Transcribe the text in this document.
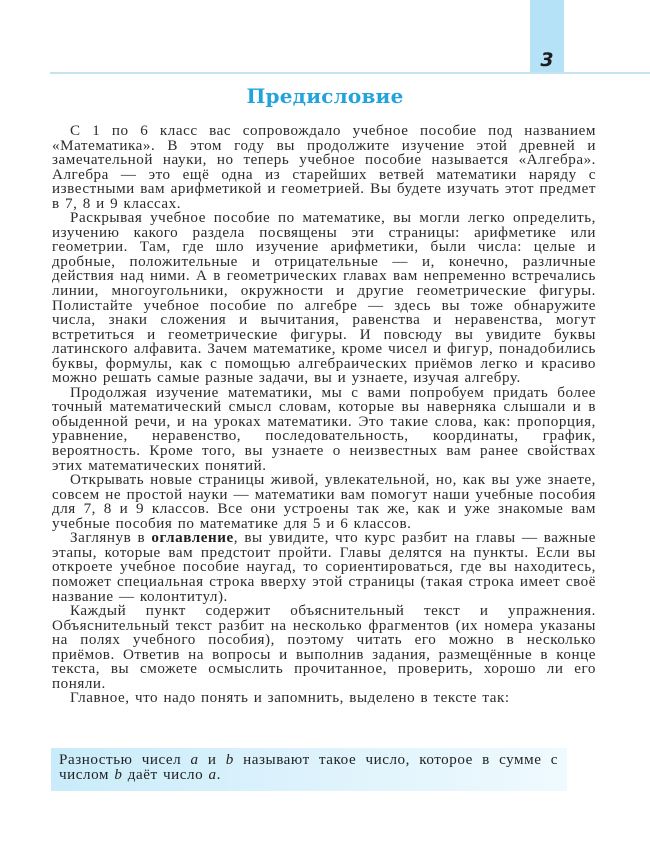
3
Предисловие

С 1 по 6 класс вас сопровождало учебное пособие под названием «Математика». В этом году вы продолжите изучение этой древней и замечательной науки, но теперь учебное пособие называется «Алгебра». Алгебра — это ещё одна из старейших ветвей математики наряду с известными вам арифметикой и геометрией. Вы будете изучать этот предмет в 7, 8 и 9 классах.

Раскрывая учебное пособие по математике, вы могли легко определить, изучению какого раздела посвящены эти страницы: арифметике или геометрии. Там, где шло изучение арифметики, были числа: целые и дробные, положительные и отрицательные — и, конечно, различные действия над ними. А в геометрических главах вам непременно встречались линии, многоугольники, окружности и другие геометрические фигуры. Полистайте учебное пособие по алгебре — здесь вы тоже обнаружите числа, знаки сложения и вычитания, равенства и неравенства, могут встретиться и геометрические фигуры. И повсюду вы увидите буквы латинского алфавита. Зачем математике, кроме чисел и фигур, понадобились буквы, формулы, как с помощью алгебраических приёмов легко и красиво можно решать самые разные задачи, вы и узнаете, изучая алгебру.

Продолжая изучение математики, мы с вами попробуем придать более точный математический смысл словам, которые вы наверняка слышали и в обыденной речи, и на уроках математики. Это такие слова, как: пропорция, уравнение, неравенство, последовательность, координаты, график, вероятность. Кроме того, вы узнаете о неизвестных вам ранее свойствах этих математических понятий.

Открывать новые страницы живой, увлекательной, но, как вы уже знаете, совсем не простой науки — математики вам помогут наши учебные пособия для 7, 8 и 9 классов. Все они устроены так же, как и уже знакомые вам учебные пособия по математике для 5 и 6 классов.

Заглянув в оглавление, вы увидите, что курс разбит на главы — важные этапы, которые вам предстоит пройти. Главы делятся на пункты. Если вы откроете учебное пособие наугад, то сориентироваться, где вы находитесь, поможет специальная строка вверху этой страницы (такая строка имеет своё название — колонтитул).

Каждый пункт содержит объяснительный текст и упражнения. Объяснительный текст разбит на несколько фрагментов (их номера указаны на полях учебного пособия), поэтому читать его можно в несколько приёмов. Ответив на вопросы и выполнив задания, размещённые в конце текста, вы сможете осмыслить прочитанное, проверить, хорошо ли его поняли.

Главное, что надо понять и запомнить, выделено в тексте так:

Разностью чисел a и b называют такое число, которое в сумме с числом b даёт число a.
